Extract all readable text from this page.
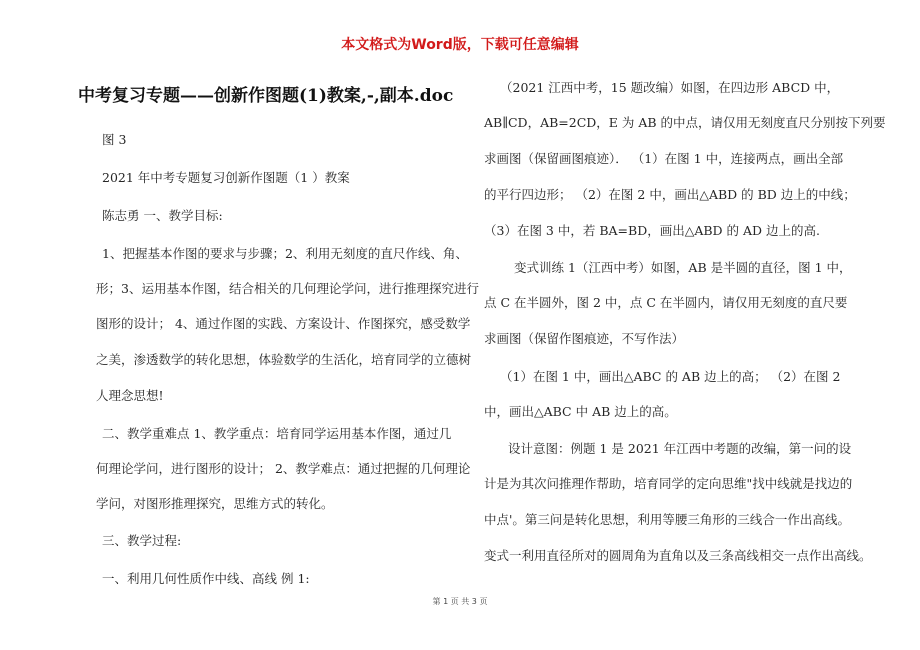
本文格式为Word版，下载可任意编辑
中考复习专题——创新作图题(1)教案,-,副本.doc

图 3

2021 年中考专题复习创新作图题（1 ）教案

陈志勇 一、教学目标:

1、把握基本作图的要求与步骤；2、利用无刻度的直尺作线、角、

形；3、运用基本作图，结合相关的几何理论学问，进行推理探究进行

图形的设计； 4、通过作图的实践、方案设计、作图探究，感受数学

之美，渗透数学的转化思想，体验数学的生活化，培育同学的立德树

人理念思想!

二、教学重难点 1、教学重点：培育同学运用基本作图，通过几

何理论学问，进行图形的设计； 2、教学难点：通过把握的几何理论

学问，对图形推理探究，思维方式的转化。

三、教学过程:

一、利用几何性质作中线、高线 例 1:

（2021 江西中考，15 题改编）如图，在四边形 ABCD 中，

AB∥CD，AB=2CD，E 为 AB 的中点，请仅用无刻度直尺分别按下列要

求画图（保留画图痕迹）． （1）在图 1 中，连接两点，画出全部

的平行四边形； （2）在图 2 中，画出△ABD 的 BD 边上的中线；

（3）在图 3 中，若 BA=BD，画出△ABD 的 AD 边上的高.

变式训练 1（江西中考）如图，AB 是半圆的直径，图 1 中，

点 C 在半圆外，图 2 中，点 C 在半圆内，请仅用无刻度的直尺要

求画图（保留作图痕迹，不写作法）

（1）在图 1 中，画出△ABC 的 AB 边上的高； （2）在图 2

中，画出△ABC 中 AB 边上的高。

设计意图：例题 1 是 2021 年江西中考题的改编，第一问的设

计是为其次问推理作帮助，培育同学的定向思维"找中线就是找边的

中点'。第三问是转化思想，利用等腰三角形的三线合一作出高线。

变式一利用直径所对的圆周角为直角以及三条高线相交一点作出高线。

第 1 页 共 3 页
